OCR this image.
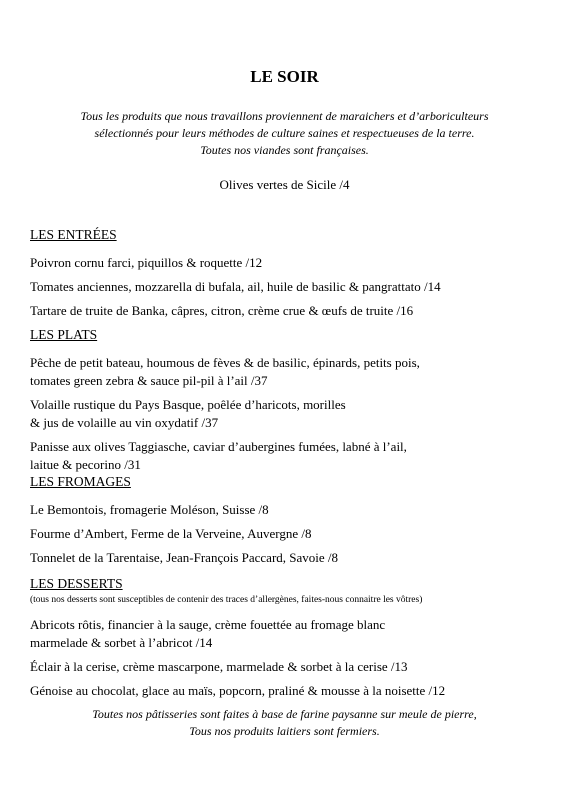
LE SOIR
Tous les produits que nous travaillons proviennent de maraichers et d’arboriculteurs
sélectionnés pour leurs méthodes de culture saines et respectueuses de la terre.
Toutes nos viandes sont françaises.
Olives vertes de Sicile /4
LES ENTRÉES
Poivron cornu farci, piquillos & roquette /12
Tomates anciennes, mozzarella di bufala, ail, huile de basilic & pangrattato /14
Tartare de truite de Banka, câpres, citron, crème crue & œufs de truite /16
LES PLATS
Pêche de petit bateau, houmous de fèves & de basilic, épinards, petits pois,
tomates green zebra & sauce pil-pil à l’ail /37
Volaille rustique du Pays Basque, poêlée d’haricots, morilles
& jus de volaille au vin oxydatif /37
Panisse aux olives Taggiasche, caviar d’aubergines fumées, labné à l’ail,
laitue & pecorino /31
LES FROMAGES
Le Bemontois, fromagerie Moléson, Suisse /8
Fourme d’Ambert, Ferme de la Verveine, Auvergne /8
Tonnelet de la Tarentaise, Jean-François Paccard, Savoie /8
LES DESSERTS
(tous nos desserts sont susceptibles de contenir des traces d’allergènes, faites-nous connaitre les vôtres)
Abricots rôtis, financier à la sauge, crème fouettée au fromage blanc
marmelade & sorbet à l’abricot /14
Éclair à la cerise, crème mascarpone, marmelade & sorbet à la cerise /13
Génoise au chocolat, glace au maïs, popcorn, praliné & mousse à la noisette /12
Toutes nos pâtisseries sont faites à base de farine paysanne sur meule de pierre,
Tous nos produits laitiers sont fermiers.
